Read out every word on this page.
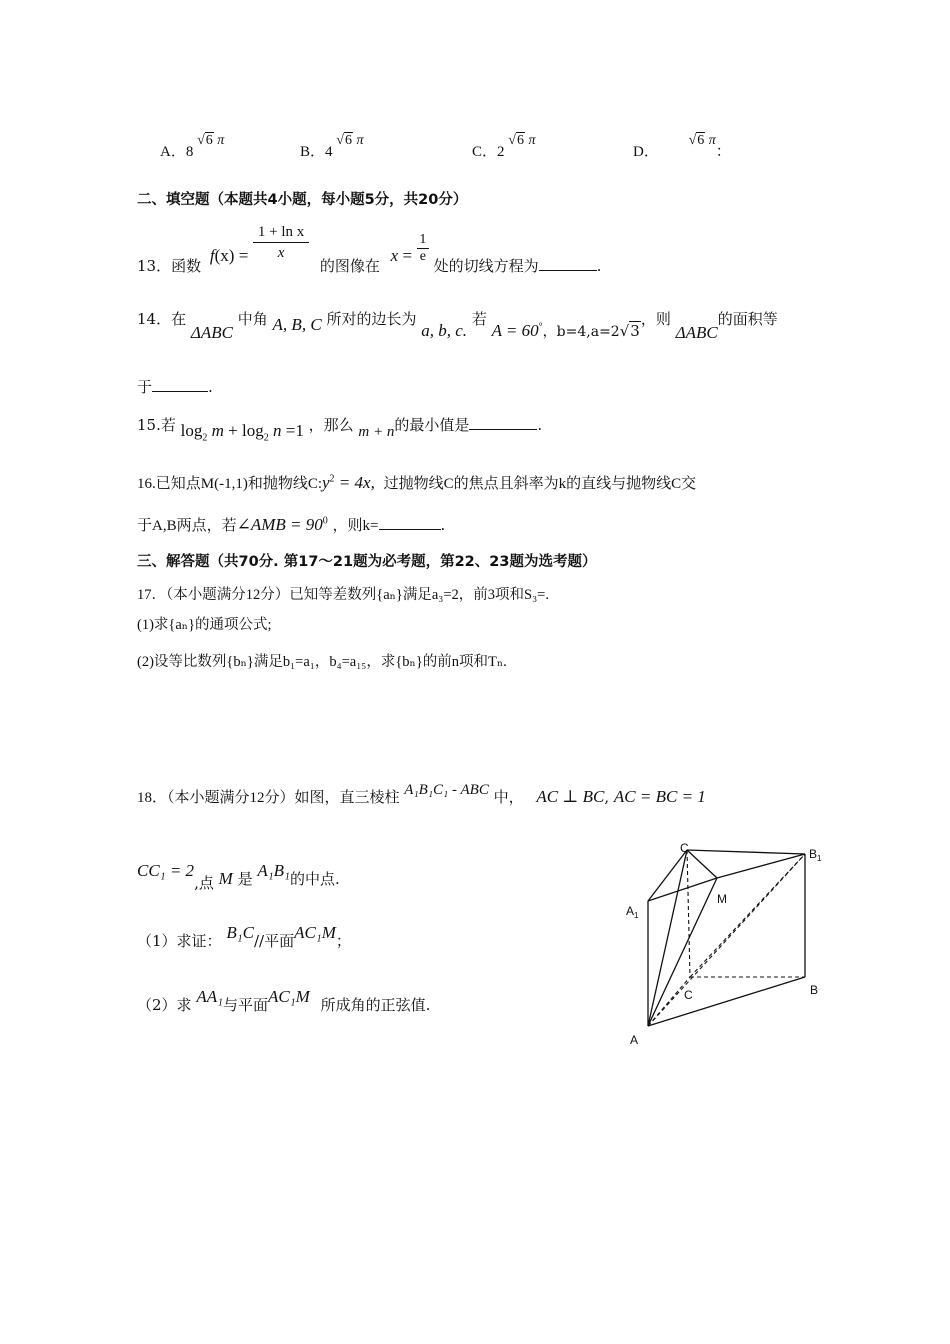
A．8 √6 π
B．4 √6 π
C．2 √6 π
D． √6 π：
二、填空题（本题共4小题，每小题5分，共20分）
13．函数 $f(x) = \frac{\text{1 + ln x}}{x}$
的图像在 $x = \frac{1}{e}$
处的切线方程为	.
14．在 ΔABC 中角 A, B, C 所对的边长为 a, b, c. 若 A = 60°，b=4,a=2√3，则 ΔABC的面积等
于	.
15.若 $\log_2 m + \log_2 n =1$ ，那么 m + n的最小值是	.
16.已知点M(-1,1)和抛物线$C:y^2 = 4x$, 过抛物线C的焦点且斜率为k的直线与抛物线C交
于A,B两点，若∠AMB = $90^0$ ，则k=	.
三、解答题（共70分. 第17～21题为必考题，第22、23题为选考题）
17．（本小题满分12分）已知等差数列{aₙ}满足a₃=2，前3项和S₃=.
(1)求{aₙ}的通项公式;
(2)设等比数列{bₙ}满足b₁=a₁，b₄=a₁₅，求{bₙ}的前n项和Tₙ.
18．（本小题满分12分）如图，直三棱柱 A₁B₁C₁ - ABC 中， AC ⊥ BC, AC = BC = 1
CC₁ = 2,点 M 是 A₁B₁的中点.
（1）求证： B₁C//平面AC₁M；
（2）求 AA₁与平面AC₁M 所成角的正弦值.
C	$B_1$
$A_1$
M
C	B
A
